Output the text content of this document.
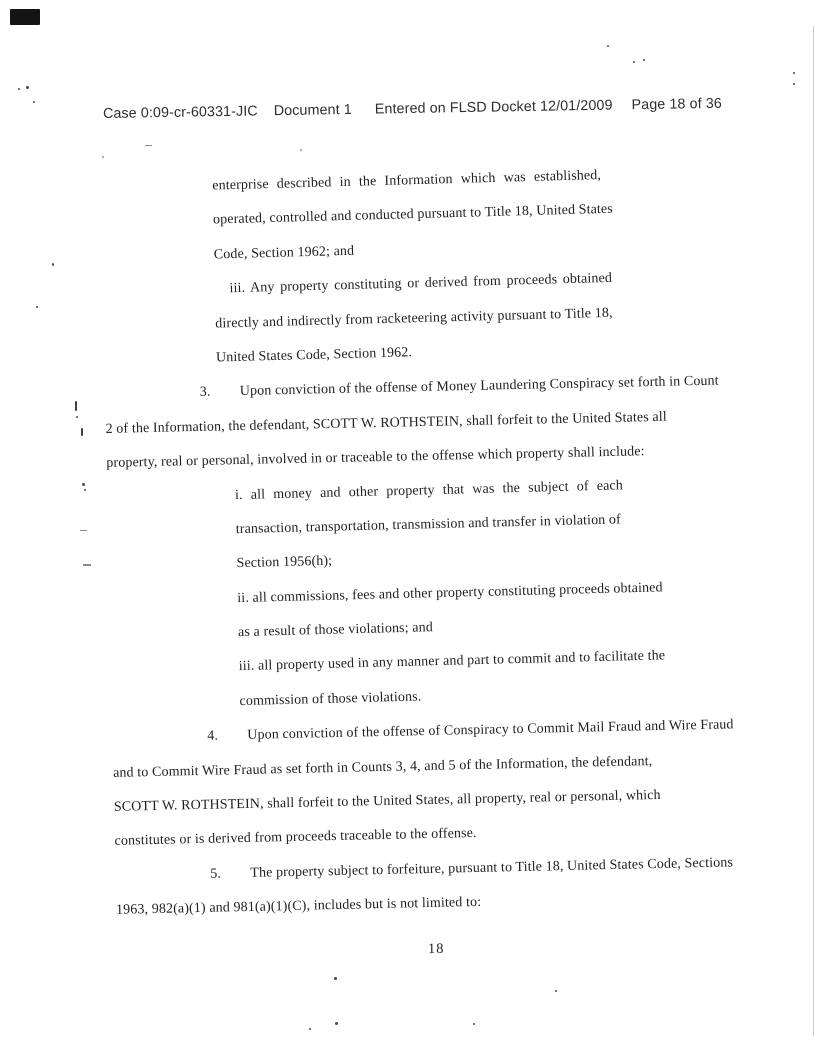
Case 0:09-cr-60331-JIC Document 1 Entered on FLSD Docket 12/01/2009 Page 18 of 36
enterprise described in the Information which was established,
operated, controlled and conducted pursuant to Title 18, United States
Code, Section 1962; and
iii. Any property constituting or derived from proceeds obtained
directly and indirectly from racketeering activity pursuant to Title 18,
United States Code, Section 1962.
3. Upon conviction of the offense of Money Laundering Conspiracy set forth in Count
2 of the Information, the defendant, SCOTT W. ROTHSTEIN, shall forfeit to the United States all
property, real or personal, involved in or traceable to the offense which property shall include:
i. all money and other property that was the subject of each
transaction, transportation, transmission and transfer in violation of
Section 1956(h);
ii. all commissions, fees and other property constituting proceeds obtained
as a result of those violations; and
iii. all property used in any manner and part to commit and to facilitate the
commission of those violations.
4. Upon conviction of the offense of Conspiracy to Commit Mail Fraud and Wire Fraud
and to Commit Wire Fraud as set forth in Counts 3, 4, and 5 of the Information, the defendant,
SCOTT W. ROTHSTEIN, shall forfeit to the United States, all property, real or personal, which
constitutes or is derived from proceeds traceable to the offense.
5. The property subject to forfeiture, pursuant to Title 18, United States Code, Sections
1963, 982(a)(1) and 981(a)(1)(C), includes but is not limited to:
18
'
'
